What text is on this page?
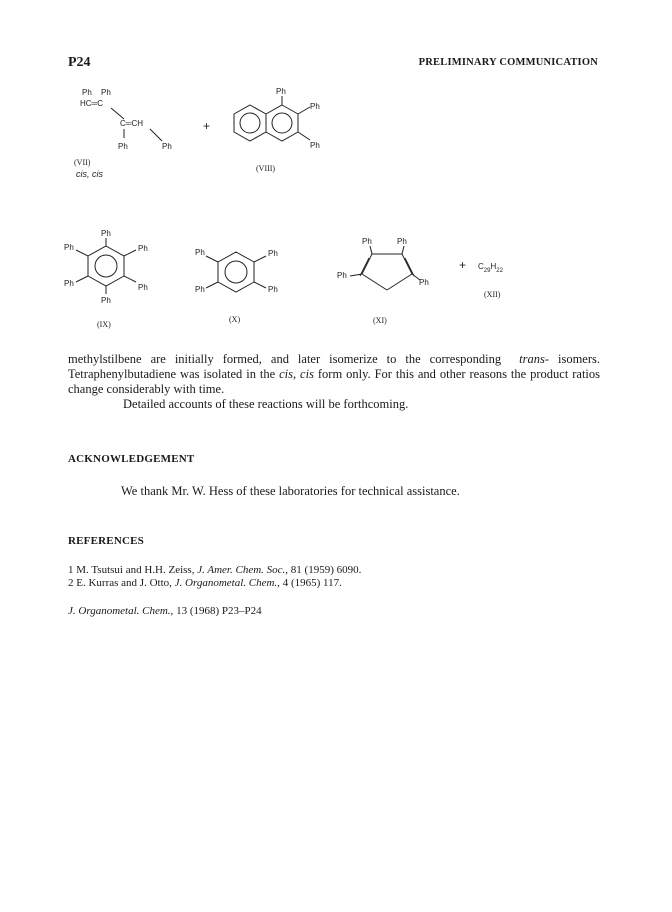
P24	PRELIMINARY COMMUNICATION
Ph Ph
HC═C
C═CH
Ph	Ph
(VII)
cis, cis
+
Ph
Ph
Ph
(VIII)
Ph
Ph	Ph
Ph	Ph
Ph
(IX)
Ph	Ph
Ph	Ph
(X)
Ph	Ph
Ph
Ph
(XI)
+ $C_{29}H_{22}$
(XII)

methylstilbene are initially formed, and later isomerize to the corresponding trans- isomers. Tetraphenylbutadiene was isolated in the cis, cis form only. For this and other reasons the product ratios change considerably with time.

Detailed accounts of these reactions will be forthcoming.

ACKNOWLEDGEMENT
We thank Mr. W. Hess of these laboratories for technical assistance.
REFERENCES
1 M. Tsutsui and H.H. Zeiss, J. Amer. Chem. Soc., 81 (1959) 6090.
2 E. Kurras and J. Otto, J. Organometal. Chem., 4 (1965) 117.
J. Organometal. Chem., 13 (1968) P23–P24
